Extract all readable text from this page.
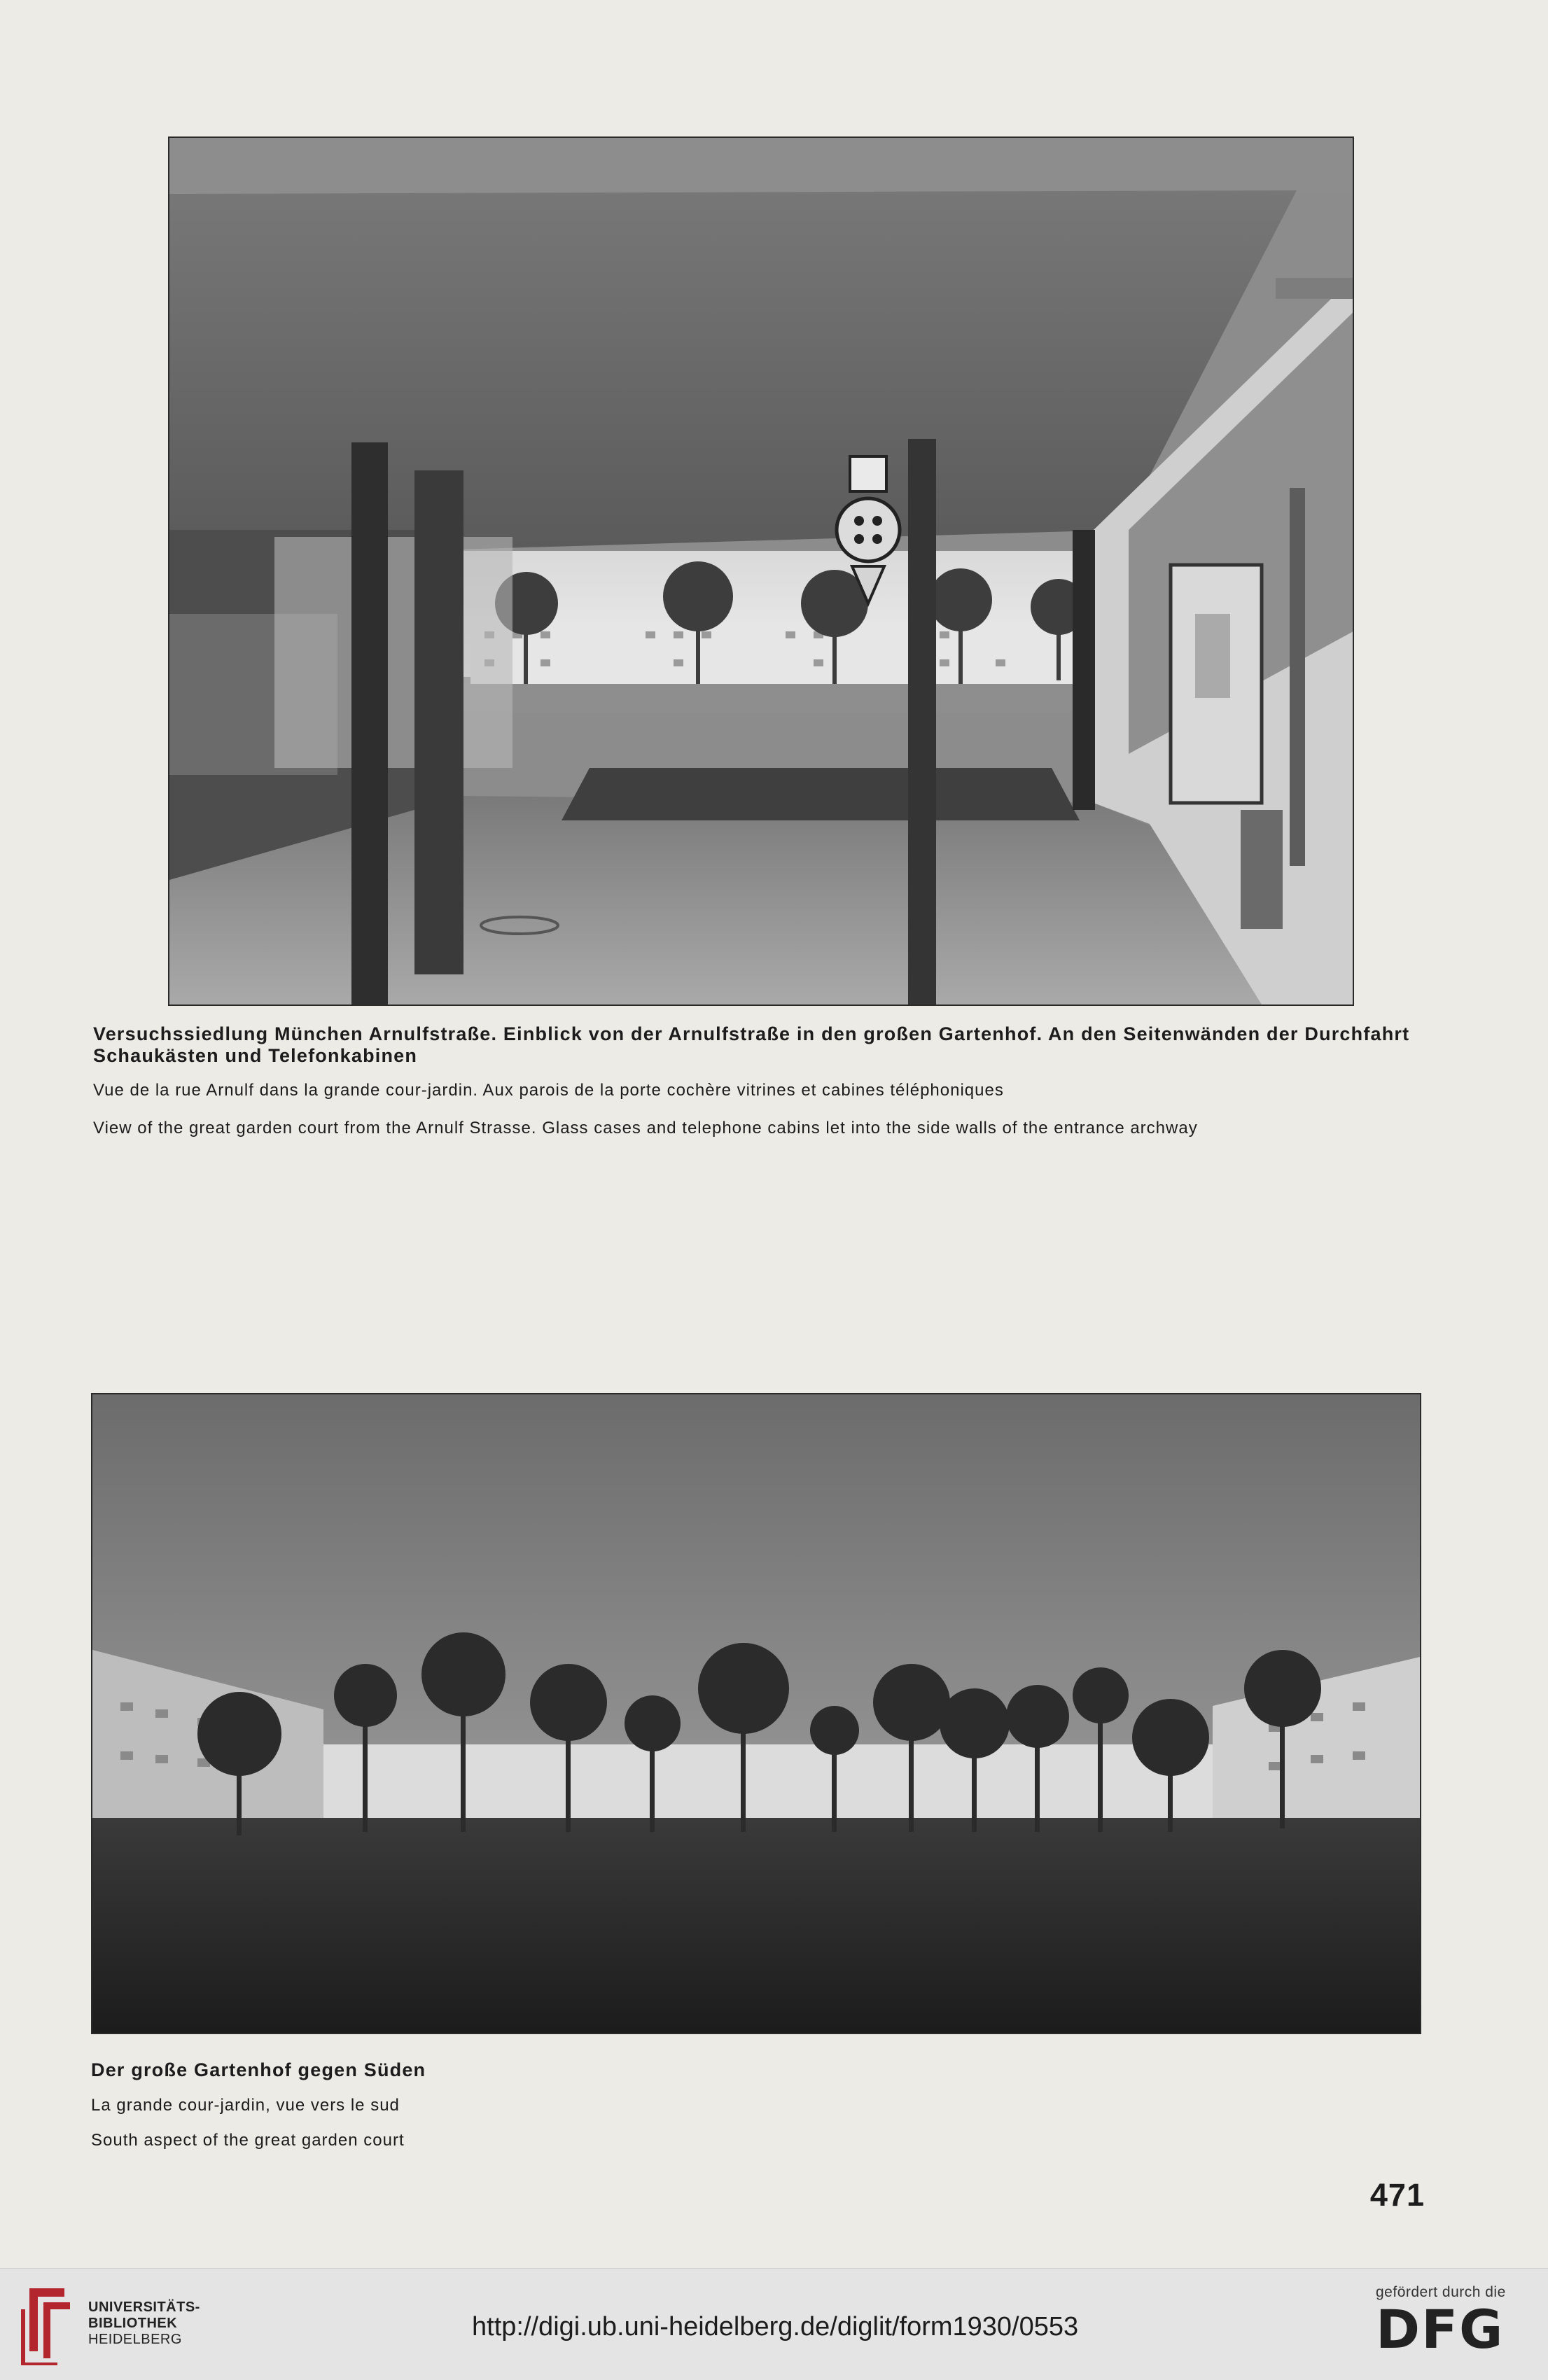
Versuchssiedlung München Arnulfstraße. Einblick von der Arnulfstraße in den großen Gartenhof. An den Seitenwänden der Durchfahrt Schaukästen und Telefonkabinen

Vue de la rue Arnulf dans la grande cour-jardin. Aux parois de la porte cochère vitrines et cabines téléphoniques

View of the great garden court from the Arnulf Strasse. Glass cases and telephone cabins let into the side walls of the entrance archway

Der große Gartenhof gegen Süden

La grande cour-jardin, vue vers le sud

South aspect of the great garden court

471
UNIVERSITÄTS-
BIBLIOTHEK
HEIDELBERG	http://digi.ub.uni-heidelberg.de/diglit/form1930/0553
gefördert durch die
DFG
